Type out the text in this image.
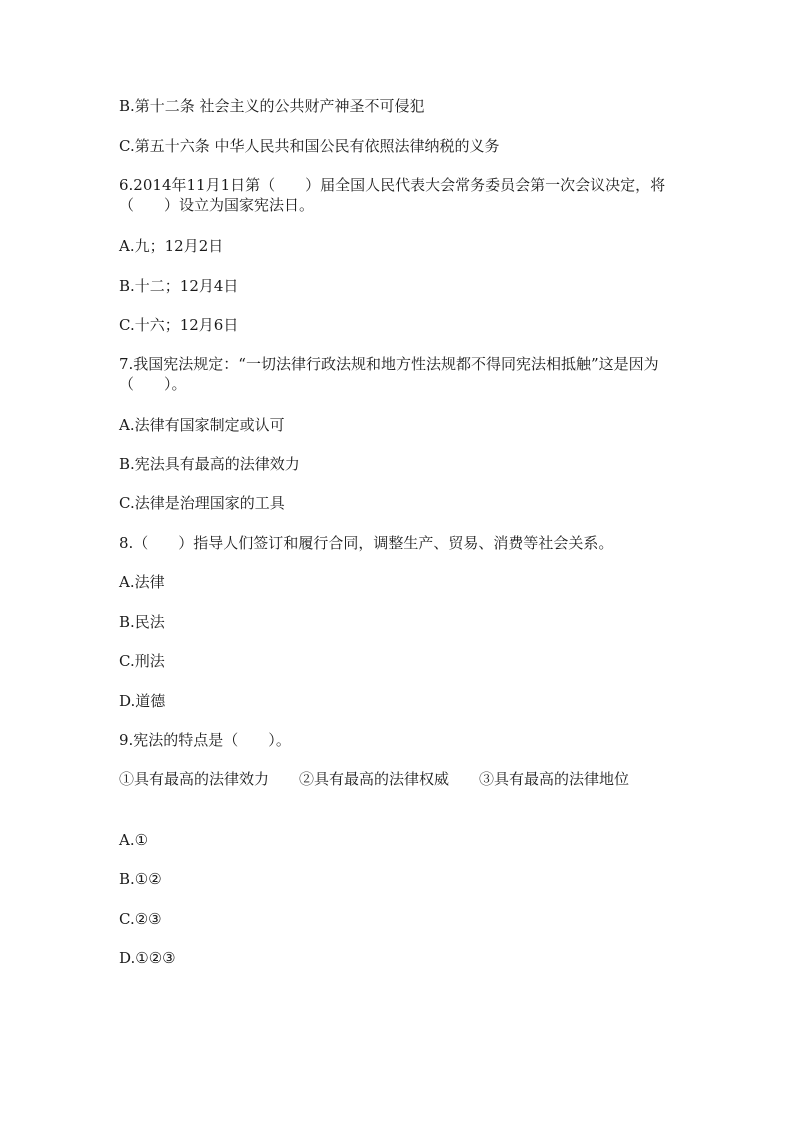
B.第十二条 社会主义的公共财产神圣不可侵犯
C.第五十六条 中华人民共和国公民有依照法律纳税的义务
6.2014年11月1日第（　　）届全国人民代表大会常务委员会第一次会议决定，将（　　）设立为国家宪法日。
A.九；12月2日
B.十二；12月4日
C.十六；12月6日
7.我国宪法规定：“一切法律行政法规和地方性法规都不得同宪法相抵触”这是因为（　　）。
A.法律有国家制定或认可
B.宪法具有最高的法律效力
C.法律是治理国家的工具
8.（　　）指导人们签订和履行合同，调整生产、贸易、消费等社会关系。
A.法律
B.民法
C.刑法
D.道德
9.宪法的特点是（　　）。
①具有最高的法律效力　　②具有最高的法律权威　　③具有最高的法律地位
A.①
B.①②
C.②③
D.①②③
